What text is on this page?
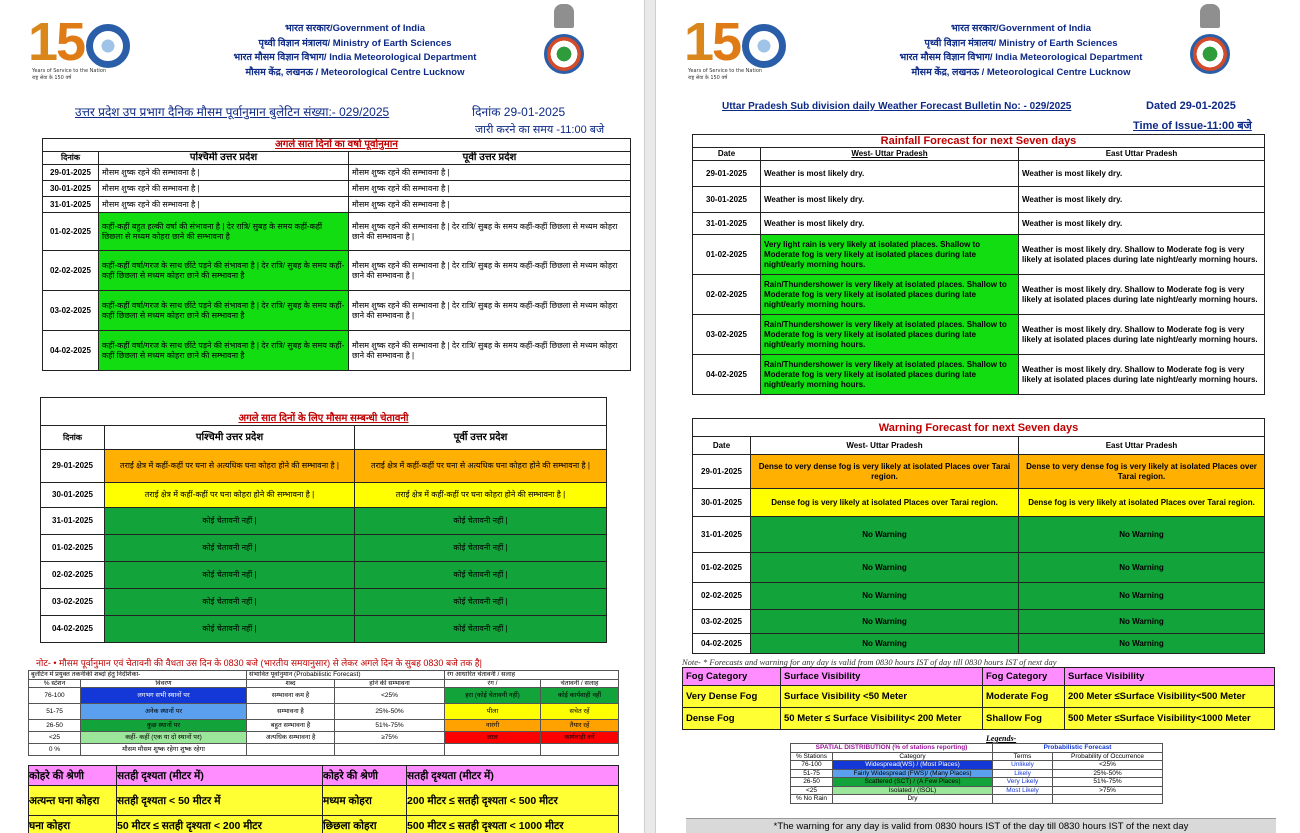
15
Years of Service to the Nation
राष्ट्र सेवा के 150 वर्ष
भारत सरकार/Government of India
पृथ्वी विज्ञान मंत्रालय/ Ministry of Earth Sciences
भारत मौसम विज्ञान विभाग/ India Meteorological Department
मौसम केंद्र, लखनऊ / Meteorological Centre Lucknow
उत्तर प्रदेश उप प्रभाग दैनिक मौसम पूर्वानुमान बुलेटिन संख्या:- 029/2025	दिनांक 29-01-2025
जारी करने का समय -11:00 बजे
अगले सात दिनों का वर्षा पूर्वानुमान		
दिनांक	पश्चिमी उत्तर प्रदेश	पूर्वी उत्तर प्रदेश
29-01-2025	मौसम शुष्क रहने की सम्भावना है |	मौसम शुष्क रहने की सम्भावना है |
30-01-2025	मौसम शुष्क रहने की सम्भावना है |	मौसम शुष्क रहने की सम्भावना है |
31-01-2025	मौसम शुष्क रहने की सम्भावना है |	मौसम शुष्क रहने की सम्भावना है |
01-02-2025	कहीं-कहीं बहुत हल्की वर्षा की संभावना है | देर रात्रि/ सुबह के समय कहीं-कहीं छिछला से मध्यम कोहरा छाने की सम्भावना है	मौसम शुष्क रहने की सम्भावना है | देर रात्रि/ सुबह के समय कहीं-कहीं छिछला से मध्यम कोहरा छाने की सम्भावना है |
02-02-2025	कहीं-कहीं वर्षा/गरज के साथ छींटे पड़ने की संभावना है | देर रात्रि/ सुबह के समय कहीं-कहीं छिछला से मध्यम कोहरा छाने की सम्भावना है	मौसम शुष्क रहने की सम्भावना है | देर रात्रि/ सुबह के समय कहीं-कहीं छिछला से मध्यम कोहरा छाने की सम्भावना है |
03-02-2025	कहीं-कहीं वर्षा/गरज के साथ छींटे पड़ने की संभावना है | देर रात्रि/ सुबह के समय कहीं-कहीं छिछला से मध्यम कोहरा छाने की सम्भावना है	मौसम शुष्क रहने की सम्भावना है | देर रात्रि/ सुबह के समय कहीं-कहीं छिछला से मध्यम कोहरा छाने की सम्भावना है |
04-02-2025	कहीं-कहीं वर्षा/गरज के साथ छींटे पड़ने की संभावना है | देर रात्रि/ सुबह के समय कहीं-कहीं छिछला से मध्यम कोहरा छाने की सम्भावना है	मौसम शुष्क रहने की सम्भावना है | देर रात्रि/ सुबह के समय कहीं-कहीं छिछला से मध्यम कोहरा छाने की सम्भावना है |
अगले सात दिनों के लिए मौसम सम्बन्धी चेतावनी		
दिनांक	पश्चिमी उत्तर प्रदेश	पूर्वी उत्तर प्रदेश
29-01-2025	तराई क्षेत्र में कहीं-कहीं पर घना से अत्यधिक घना कोहरा होने की सम्भावना है |	तराई क्षेत्र में कहीं-कहीं पर घना से अत्यधिक घना कोहरा होने की सम्भावना है |
30-01-2025	तराई क्षेत्र में कहीं-कहीं पर घना कोहरा होने की सम्भावना है |	तराई क्षेत्र में कहीं-कहीं पर घना कोहरा होने की सम्भावना है |
31-01-2025	कोई चेतावनी नहीं |	कोई चेतावनी नहीं |
01-02-2025	कोई चेतावनी नहीं |	कोई चेतावनी नहीं |
02-02-2025	कोई चेतावनी नहीं |	कोई चेतावनी नहीं |
03-02-2025	कोई चेतावनी नहीं |	कोई चेतावनी नहीं |
04-02-2025	कोई चेतावनी नहीं |	कोई चेतावनी नहीं |
नोट- • मौसम पूर्वानुमान एवं चेतावनी की वैधता उस दिन के 0830 बजे (भारतीय समयानुसार) से लेकर अगले दिन के सुबह 0830 बजे तक है|
बुलेटिन में प्रयुक्त तकनीकी शब्दों हेतु निर्देशिका-		संभावित पूर्वानुमान (Probabilistic Forecast)		रंग आधारित चेतावनी / सलाह	
% स्टेशन	विवरण	शब्द	होने की सम्भावना	रंग /	चेतावनी / सलाह
76-100	लगभग सभी स्थानों पर	सम्भावना कम है	<25%	हरा (कोई चेतावनी नहीं)	कोई कार्यवाही नहीं
51-75	अनेक स्थानों पर	सम्भावना है	25%-50%	पीला	सचेत रहें
26-50	कुछ स्थानों पर	बहुत सम्भावना है	51%-75%	नारंगी	तैयार रहें
<25	कहीं- कहीं (एक या दो स्थानों पर)	अत्यधिक सम्भावना है	≥75%	लाल	कार्यवाही करें
0 %	मौसम मौसम शुष्क रहेगा शुष्क रहेगा				
कोहरे की श्रेणी	सतही दृश्यता (मीटर में)	कोहरे की श्रेणी	सतही दृश्यता (मीटर में)
अत्यन्त घना कोहरा	सतही दृश्यता < 50 मीटर में	मध्यम कोहरा	200 मीटर ≤ सतही दृश्यता < 500 मीटर
घना कोहरा	50 मीटर ≤ सतही दृश्यता < 200 मीटर	छिछला कोहरा	500 मीटर ≤ सतही दृश्यता < 1000 मीटर
15
Years of Service to the Nation
राष्ट्र सेवा के 150 वर्ष
भारत सरकार/Government of India
पृथ्वी विज्ञान मंत्रालय/ Ministry of Earth Sciences
भारत मौसम विज्ञान विभाग/ India Meteorological Department
मौसम केंद्र, लखनऊ / Meteorological Centre Lucknow
Uttar Pradesh Sub division daily Weather Forecast Bulletin No: - 029/2025	Dated 29-01-2025
Time of Issue-11:00 बजे
Rainfall Forecast for next Seven days		
Date	West- Uttar Pradesh	East Uttar Pradesh
29-01-2025	Weather is most likely dry.	Weather is most likely dry.
30-01-2025	Weather is most likely dry.	Weather is most likely dry.
31-01-2025	Weather is most likely dry.	Weather is most likely dry.
01-02-2025	Very light rain is very likely at isolated places. Shallow to Moderate fog is very likely at isolated places during late night/early morning hours.	Weather is most likely dry. Shallow to Moderate fog is very likely at isolated places during late night/early morning hours.
02-02-2025	Rain/Thundershower is very likely at isolated places. Shallow to Moderate fog is very likely at isolated places during late night/early morning hours.	Weather is most likely dry. Shallow to Moderate fog is very likely at isolated places during late night/early morning hours.
03-02-2025	Rain/Thundershower is very likely at isolated places. Shallow to Moderate fog is very likely at isolated places during late night/early morning hours.	Weather is most likely dry. Shallow to Moderate fog is very likely at isolated places during late night/early morning hours.
04-02-2025	Rain/Thundershower is very likely at isolated places. Shallow to Moderate fog is very likely at isolated places during late night/early morning hours.	Weather is most likely dry. Shallow to Moderate fog is very likely at isolated places during late night/early morning hours.
Warning Forecast for next Seven days		
Date	West- Uttar Pradesh	East Uttar Pradesh
29-01-2025	Dense to very dense fog is very likely at isolated Places over Tarai region.	Dense to very dense fog is very likely at isolated Places over Tarai region.
30-01-2025	Dense fog is very likely at isolated Places over Tarai region.	Dense fog is very likely at isolated Places over Tarai region.
31-01-2025	No Warning	No Warning
01-02-2025	No Warning	No Warning
02-02-2025	No Warning	No Warning
03-02-2025	No Warning	No Warning
04-02-2025	No Warning	No Warning
Note- * Forecasts and warning for any day is valid from 0830 hours IST of day till 0830 hours IST of next day
Fog Category	Surface Visibility	Fog Category	Surface Visibility
Very Dense Fog	Surface Visibility <50 Meter	Moderate Fog	200 Meter ≤Surface Visibility<500 Meter
Dense Fog	50 Meter ≤ Surface Visibility< 200 Meter	Shallow Fog	500 Meter ≤Surface Visibility<1000 Meter
Legends-
SPATIAL DISTRIBUTION (% of stations reporting)		Probabilistic Forecast	
% Stations	Category	Terms	Probability of Occurrence
76-100	Widespread(WS) / (Most Places)	Unlikely	<25%
51-75	Fairly Widespread (FWS)/ (Many Places)	Likely	25%-50%
26-50	Scattered (SCT) / (A Few Places)	Very Likely	51%-75%
<25	Isolated / (ISOL)	Most Likely	>75%
% No Rain	Dry		
*The warning for any day is valid from 0830 hours IST of the day till 0830 hours IST of the next day
